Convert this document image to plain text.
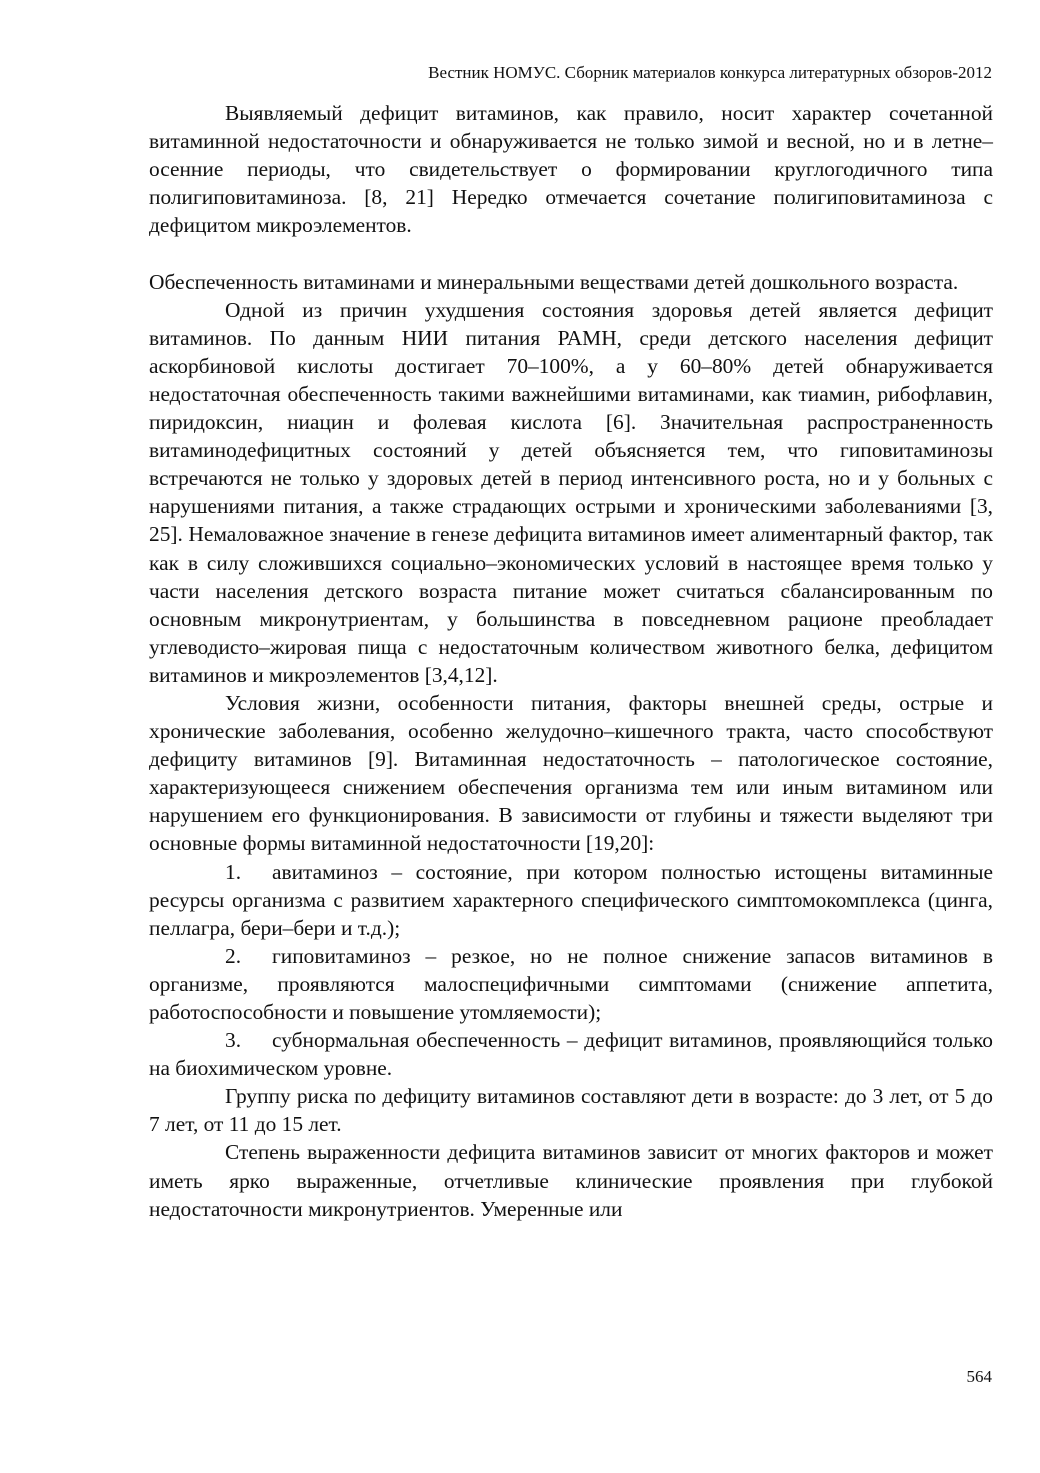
Вестник НОМУС. Сборник материалов конкурса литературных обзоров-2012

Выявляемый дефицит витаминов, как правило, носит характер сочетанной витаминной недостаточности и обнаруживается не только зимой и весной, но и в летне–осенние периоды, что свидетельствует о формировании круглогодичного типа полигиповитаминоза. [8, 21] Нередко отмечается сочетание полигиповитаминоза с дефицитом микроэлементов.

Обеспеченность витаминами и минеральными веществами детей дошкольного возраста.

Одной из причин ухудшения состояния здоровья детей является дефицит витаминов. По данным НИИ питания РАМН, среди детского населения дефицит аскорбиновой кислоты достигает 70–100%, а у 60–80% детей обнаруживается недостаточная обеспеченность такими важнейшими витаминами, как тиамин, рибофлавин, пиридоксин, ниацин и фолевая кислота [6]. Значительная распространенность витаминодефицитных состояний у детей объясняется тем, что гиповитаминозы встречаются не только у здоровых детей в период интенсивного роста, но и у больных с нарушениями питания, а также страдающих острыми и хроническими заболеваниями [3, 25]. Немаловажное значение в генезе дефицита витаминов имеет алиментарный фактор, так как в силу сложившихся социально–экономических условий в настоящее время только у части населения детского возраста питание может считаться сбалансированным по основным микронутриентам, у большинства в повседневном рационе преобладает углеводисто–жировая пища с недостаточным количеством животного белка, дефицитом витаминов и микроэлементов [3,4,12].

Условия жизни, особенности питания, факторы внешней среды, острые и хронические заболевания, особенно желудочно–кишечного тракта, часто способствуют дефициту витаминов [9]. Витаминная недостаточность – патологическое состояние, характеризующееся снижением обеспечения организма тем или иным витамином или нарушением его функционирования. В зависимости от глубины и тяжести выделяют три основные формы витаминной недостаточности [19,20]:

1. авитаминоз – состояние, при котором полностью истощены витаминные ресурсы организма с развитием характерного специфического симптомокомплекса (цинга, пеллагра, бери–бери и т.д.);

2. гиповитаминоз – резкое, но не полное снижение запасов витаминов в организме, проявляются малоспецифичными симптомами (снижение аппетита, работоспособности и повышение утомляемости);

3. субнормальная обеспеченность – дефицит витаминов, проявляющийся только на биохимическом уровне.

Группу риска по дефициту витаминов составляют дети в возрасте: до 3 лет, от 5 до 7 лет, от 11 до 15 лет.

Степень выраженности дефицита витаминов зависит от многих факторов и может иметь ярко выраженные, отчетливые клинические проявления при глубокой недостаточности микронутриентов. Умеренные или

564
